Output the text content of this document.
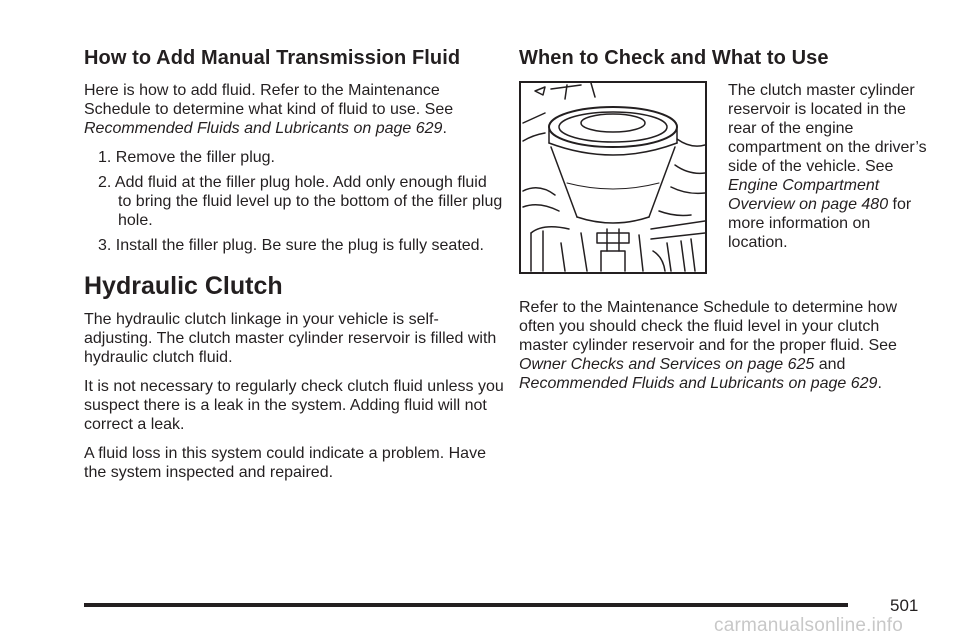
How to Add Manual Transmission Fluid

Here is how to add fluid. Refer to the Maintenance Schedule to determine what kind of fluid to use. See Recommended Fluids and Lubricants on page 629.

1. Remove the filler plug.
2. Add fluid at the filler plug hole. Add only enough fluid to bring the fluid level up to the bottom of the filler plug hole.
3. Install the filler plug. Be sure the plug is fully seated.
Hydraulic Clutch

The hydraulic clutch linkage in your vehicle is self-adjusting. The clutch master cylinder reservoir is filled with hydraulic clutch fluid.

It is not necessary to regularly check clutch fluid unless you suspect there is a leak in the system. Adding fluid will not correct a leak.

A fluid loss in this system could indicate a problem. Have the system inspected and repaired.

When to Check and What to Use

The clutch master cylinder reservoir is located in the rear of the engine compartment on the driver’s side of the vehicle. See Engine Compartment Overview on page 480 for more information on location.

Refer to the Maintenance Schedule to determine how often you should check the fluid level in your clutch master cylinder reservoir and for the proper fluid. See Owner Checks and Services on page 625 and Recommended Fluids and Lubricants on page 629.

501
carmanualsonline.info
